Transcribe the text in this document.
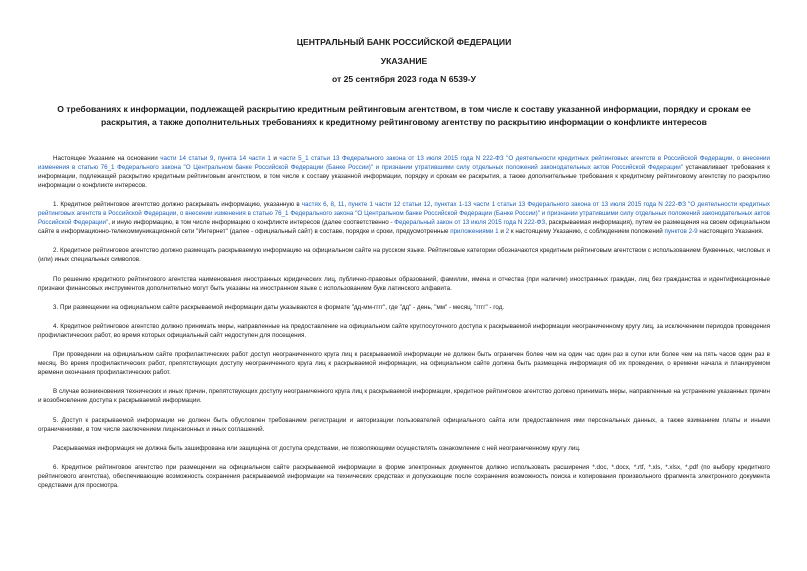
ЦЕНТРАЛЬНЫЙ БАНК РОССИЙСКОЙ ФЕДЕРАЦИИ
УКАЗАНИЕ
от 25 сентября 2023 года N 6539-У
О требованиях к информации, подлежащей раскрытию кредитным рейтинговым агентством, в том числе к составу указанной информации, порядку и срокам ее раскрытия, а также дополнительных требованиях к кредитному рейтинговому агентству по раскрытию информации о конфликте интересов

Настоящее Указание на основании части 14 статьи 9, пункта 14 части 1 и части 5_1 статьи 13 Федерального закона от 13 июля 2015 года N 222-ФЗ "О деятельности кредитных рейтинговых агентств в Российской Федерации, о внесении изменения в статью 76_1 Федерального закона "О Центральном банке Российской Федерации (Банке России)" и признании утратившими силу отдельных положений законодательных актов Российской Федерации" устанавливает требования к информации, подлежащей раскрытию кредитным рейтинговым агентством, в том числе к составу указанной информации, порядку и срокам ее раскрытия, а также дополнительные требования к кредитному рейтинговому агентству по раскрытию информации о конфликте интересов.

1. Кредитное рейтинговое агентство должно раскрывать информацию, указанную в частях 6, 8, 11, пункте 1 части 12 статьи 12, пунктах 1-13 части 1 статьи 13 Федерального закона от 13 июля 2015 года N 222-ФЗ "О деятельности кредитных рейтинговых агентств в Российской Федерации, о внесении изменения в статью 76_1 Федерального закона "О Центральном банке Российской Федерации (Банке России)" и признании утратившими силу отдельных положений законодательных актов Российской Федерации", и иную информацию, в том числе информацию о конфликте интересов (далее соответственно - Федеральный закон от 13 июля 2015 года N 222-ФЗ, раскрываемая информация), путем ее размещения на своем официальном сайте в информационно-телекоммуникационной сети "Интернет" (далее - официальный сайт) в составе, порядке и сроки, предусмотренные приложениями 1 и 2 к настоящему Указанию, с соблюдением положений пунктов 2-9 настоящего Указания.

2. Кредитное рейтинговое агентство должно размещать раскрываемую информацию на официальном сайте на русском языке. Рейтинговые категории обозначаются кредитным рейтинговым агентством с использованием буквенных, числовых и (или) иных специальных символов.

По решению кредитного рейтингового агентства наименования иностранных юридических лиц, публично-правовых образований, фамилии, имена и отчества (при наличии) иностранных граждан, лиц без гражданства и идентификационные признаки финансовых инструментов дополнительно могут быть указаны на иностранном языке с использованием букв латинского алфавита.

3. При размещении на официальном сайте раскрываемой информации даты указываются в формате "дд-мм-гггг", где "дд" - день, "мм" - месяц, "гггг" - год.

4. Кредитное рейтинговое агентство должно принимать меры, направленные на предоставление на официальном сайте круглосуточного доступа к раскрываемой информации неограниченному кругу лиц, за исключением периодов проведения профилактических работ, во время которых официальный сайт недоступен для посещения.

При проведении на официальном сайте профилактических работ доступ неограниченного круга лиц к раскрываемой информации не должен быть ограничен более чем на один час один раз в сутки или более чем на пять часов один раз в месяц. Во время профилактических работ, препятствующих доступу неограниченного круга лиц к раскрываемой информации, на официальном сайте должна быть размещена информация об их проведении, о времени начала и планируемом времени окончания профилактических работ.

В случае возникновения технических и иных причин, препятствующих доступу неограниченного круга лиц к раскрываемой информации, кредитное рейтинговое агентство должно принимать меры, направленные на устранение указанных причин и возобновление доступа к раскрываемой информации.

5. Доступ к раскрываемой информации не должен быть обусловлен требованием регистрации и авторизации пользователей официального сайта или предоставления ими персональных данных, а также взиманием платы и иными ограничениями, в том числе заключением лицензионных и иных соглашений.

Раскрываемая информация не должна быть зашифрована или защищена от доступа средствами, не позволяющими осуществлять ознакомление с ней неограниченному кругу лиц.

6. Кредитное рейтинговое агентство при размещении на официальном сайте раскрываемой информации в форме электронных документов должно использовать расширения *.doc, *.docx, *.rtf, *.xls, *.xlsx, *.pdf (по выбору кредитного рейтингового агентства), обеспечивающие возможность сохранения раскрываемой информации на технических средствах и допускающие после сохранения возможность поиска и копирования произвольного фрагмента электронного документа средствами для просмотра.
